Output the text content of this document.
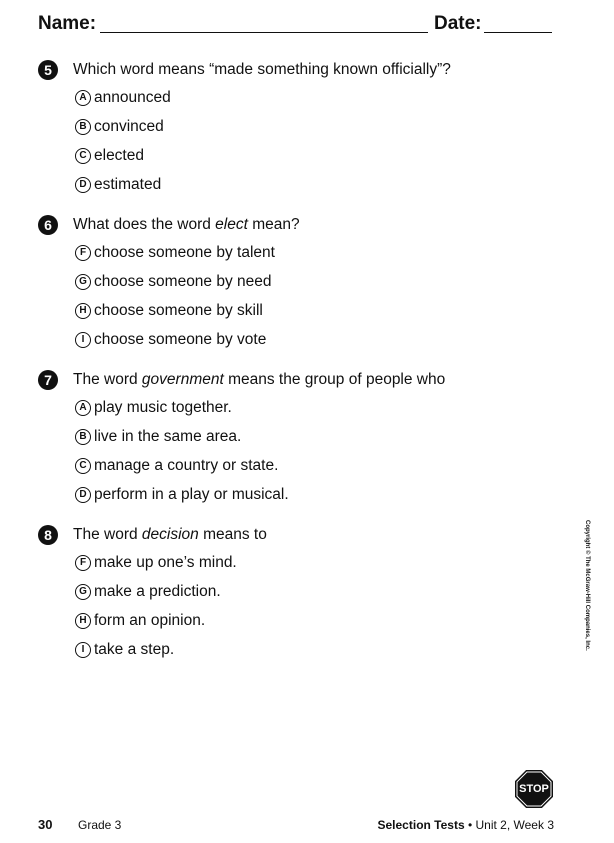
Name:	Date:
5	Which word means “made something known officially”?
A announced
B convinced
C elected
D estimated
6	What does the word elect mean?
F choose someone by talent
G choose someone by need
H choose someone by skill
I choose someone by vote
7	The word government means the group of people who
A play music together.
B live in the same area.
C manage a country or state.
D perform in a play or musical.
8	The word decision means to
F make up one’s mind.
G make a prediction.
H form an opinion.
I take a step.	Copyright © The McGraw-Hill Companies, Inc.
STOP
30 Grade 3	Selection Tests • Unit 2, Week 3
